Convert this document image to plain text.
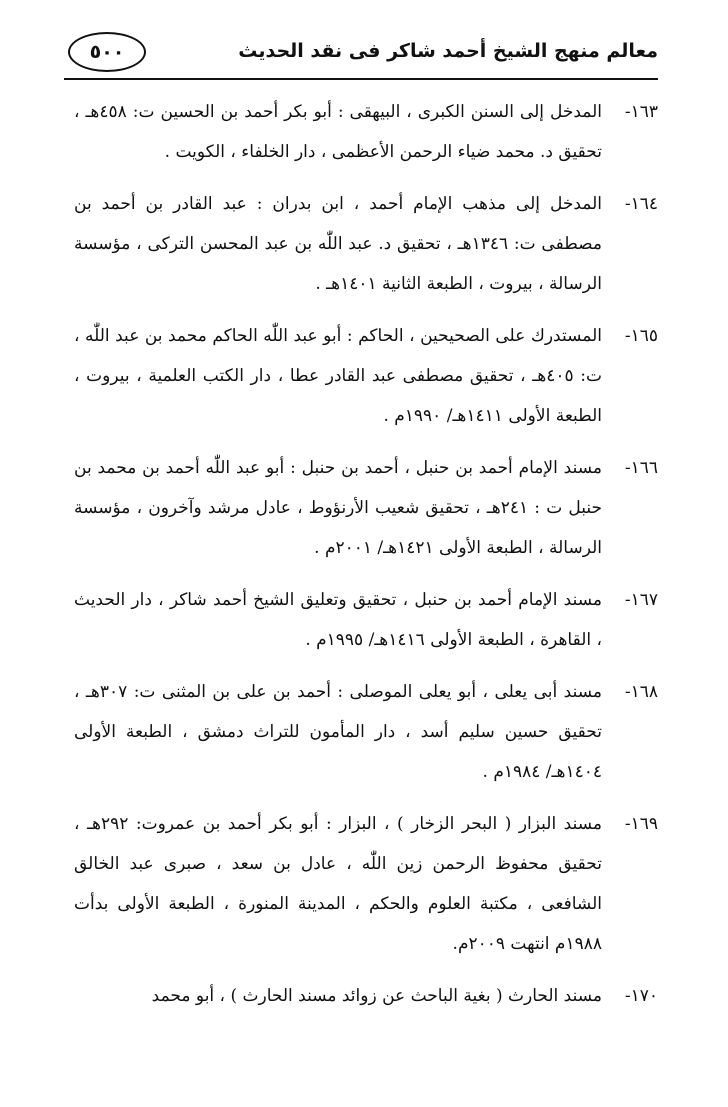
معالم منهج الشيخ أحمد شاكر فى نقد الحديث
٥٠٠
١٦٣-
المدخل إلى السنن الكبرى ، البيهقى : أبو بكر أحمد بن الحسين ت: ٤٥٨هـ ، تحقيق د. محمد ضياء الرحمن الأعظمى ، دار الخلفاء ، الكويت .
١٦٤-
المدخل إلى مذهب الإمام أحمد ، ابن بدران : عبد القادر بن أحمد بن مصطفى ت: ١٣٤٦هـ ، تحقيق د. عبد اللّٰه بن عبد المحسن التركى ، مؤسسة الرسالة ، بيروت ، الطبعة الثانية ١٤٠١هـ .
١٦٥-
المستدرك على الصحيحين ، الحاكم : أبو عبد اللّٰه الحاكم محمد بن عبد اللّٰه ، ت: ٤٠٥هـ ، تحقيق مصطفى عبد القادر عطا ، دار الكتب العلمية ، بيروت ، الطبعة الأولى ١٤١١هـ/ ١٩٩٠م .
١٦٦-
مسند الإمام أحمد بن حنبل ، أحمد بن حنبل : أبو عبد اللّٰه أحمد بن محمد بن حنبل ت : ٢٤١هـ ، تحقيق شعيب الأرنؤوط ، عادل مرشد وآخرون ، مؤسسة الرسالة ، الطبعة الأولى ١٤٢١هـ/ ٢٠٠١م .
١٦٧-
مسند الإمام أحمد بن حنبل ، تحقيق وتعليق الشيخ أحمد شاكر ، دار الحديث ، القاهرة ، الطبعة الأولى ١٤١٦هـ/ ١٩٩٥م .
١٦٨-
مسند أبى يعلى ، أبو يعلى الموصلى : أحمد بن على بن المثنى ت: ٣٠٧هـ ، تحقيق حسين سليم أسد ، دار المأمون للتراث دمشق ، الطبعة الأولى ١٤٠٤هـ/ ١٩٨٤م .
١٦٩-
مسند البزار ( البحر الزخار ) ، البزار : أبو بكر أحمد بن عمروت: ٢٩٢هـ ، تحقيق محفوظ الرحمن زين اللّٰه ، عادل بن سعد ، صبرى عبد الخالق الشافعى ، مكتبة العلوم والحكم ، المدينة المنورة ، الطبعة الأولى بدأت ١٩٨٨م انتهت ٢٠٠٩م.
١٧٠-
مسند الحارث ( بغية الباحث عن زوائد مسند الحارث ) ، أبو محمد
